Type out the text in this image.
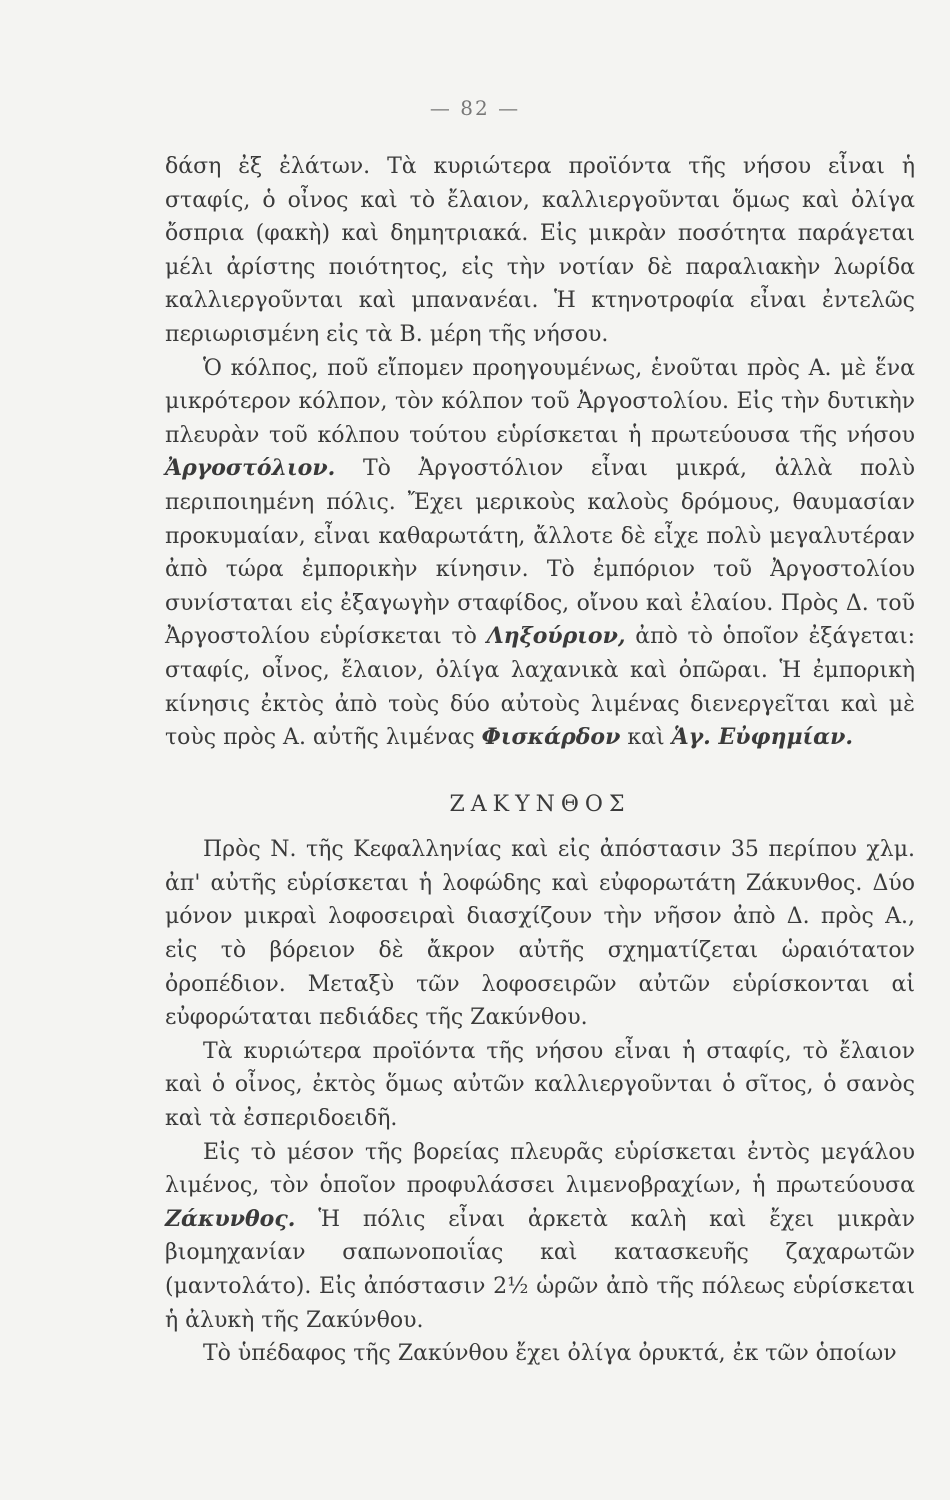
— 82 —

δάση ἐξ ἐλάτων. Τὰ κυριώτερα προϊόντα τῆς νήσου εἶναι ἡ σταφίς, ὁ οἶνος καὶ τὸ ἔλαιον, καλλιεργοῦνται ὅμως καὶ ὀλίγα ὄσπρια (φακὴ) καὶ δημητριακά. Εἰς μικρὰν ποσότητα παράγεται μέλι ἀρίστης ποιότητος, εἰς τὴν νοτίαν δὲ παραλιακὴν λωρίδα καλλιεργοῦνται καὶ μπανανέαι. Ἡ κτηνοτροφία εἶναι ἐντελῶς περιωρισμένη εἰς τὰ Β. μέρη τῆς νήσου.

Ὁ κόλπος, ποῦ εἴπομεν προηγουμένως, ἑνοῦται πρὸς Α. μὲ ἕνα μικρότερον κόλπον, τὸν κόλπον τοῦ Ἀργοστολίου. Εἰς τὴν δυτικὴν πλευρὰν τοῦ κόλπου τούτου εὑρίσκεται ἡ πρωτεύουσα τῆς νήσου Ἀργοστόλιον. Τὸ Ἀργοστόλιον εἶναι μικρά, ἀλλὰ πολὺ περιποιημένη πόλις. Ἔχει μερικοὺς καλοὺς δρόμους, θαυμασίαν προκυμαίαν, εἶναι καθαρωτάτη, ἄλλοτε δὲ εἶχε πολὺ μεγαλυτέραν ἀπὸ τώρα ἐμπορικὴν κίνησιν. Τὸ ἐμπόριον τοῦ Ἀργοστολίου συνίσταται εἰς ἐξαγωγὴν σταφίδος, οἴνου καὶ ἐλαίου. Πρὸς Δ. τοῦ Ἀργοστολίου εὑρίσκεται τὸ Ληξούριον, ἀπὸ τὸ ὁποῖον ἐξάγεται: σταφίς, οἶνος, ἔλαιον, ὀλίγα λαχανικὰ καὶ ὀπῶραι. Ἡ ἐμπορικὴ κίνησις ἐκτὸς ἀπὸ τοὺς δύο αὐτοὺς λιμένας διενεργεῖται καὶ μὲ τοὺς πρὸς Α. αὐτῆς λιμένας Φισκάρδον καὶ Ἁγ. Εὐφημίαν.

ΖΑΚΥΝΘΟΣ

Πρὸς Ν. τῆς Κεφαλληνίας καὶ εἰς ἀπόστασιν 35 περίπου χλμ. ἀπ' αὐτῆς εὑρίσκεται ἡ λοφώδης καὶ εὐφορωτάτη Ζάκυνθος. Δύο μόνον μικραὶ λοφοσειραὶ διασχίζουν τὴν νῆσον ἀπὸ Δ. πρὸς Α., εἰς τὸ βόρειον δὲ ἄκρον αὐτῆς σχηματίζεται ὡραιότατον ὀροπέδιον. Μεταξὺ τῶν λοφοσειρῶν αὐτῶν εὑρίσκονται αἱ εὐφορώταται πεδιάδες τῆς Ζακύνθου.

Τὰ κυριώτερα προϊόντα τῆς νήσου εἶναι ἡ σταφίς, τὸ ἔλαιον καὶ ὁ οἶνος, ἐκτὸς ὅμως αὐτῶν καλλιεργοῦνται ὁ σῖτος, ὁ σανὸς καὶ τὰ ἐσπεριδοειδῆ.

Εἰς τὸ μέσον τῆς βορείας πλευρᾶς εὑρίσκεται ἐντὸς μεγάλου λιμένος, τὸν ὁποῖον προφυλάσσει λιμενοβραχίων, ἡ πρωτεύουσα Ζάκυνθος. Ἡ πόλις εἶναι ἀρκετὰ καλὴ καὶ ἔχει μικρὰν βιομηχανίαν σαπωνοποιΐας καὶ κατασκευῆς ζαχαρωτῶν (μαντολάτο). Εἰς ἀπόστασιν 2½ ὡρῶν ἀπὸ τῆς πόλεως εὑρίσκεται ἡ ἀλυκὴ τῆς Ζακύνθου.

Τὸ ὑπέδαφος τῆς Ζακύνθου ἔχει ὀλίγα ὀρυκτά, ἐκ τῶν ὁποίων
